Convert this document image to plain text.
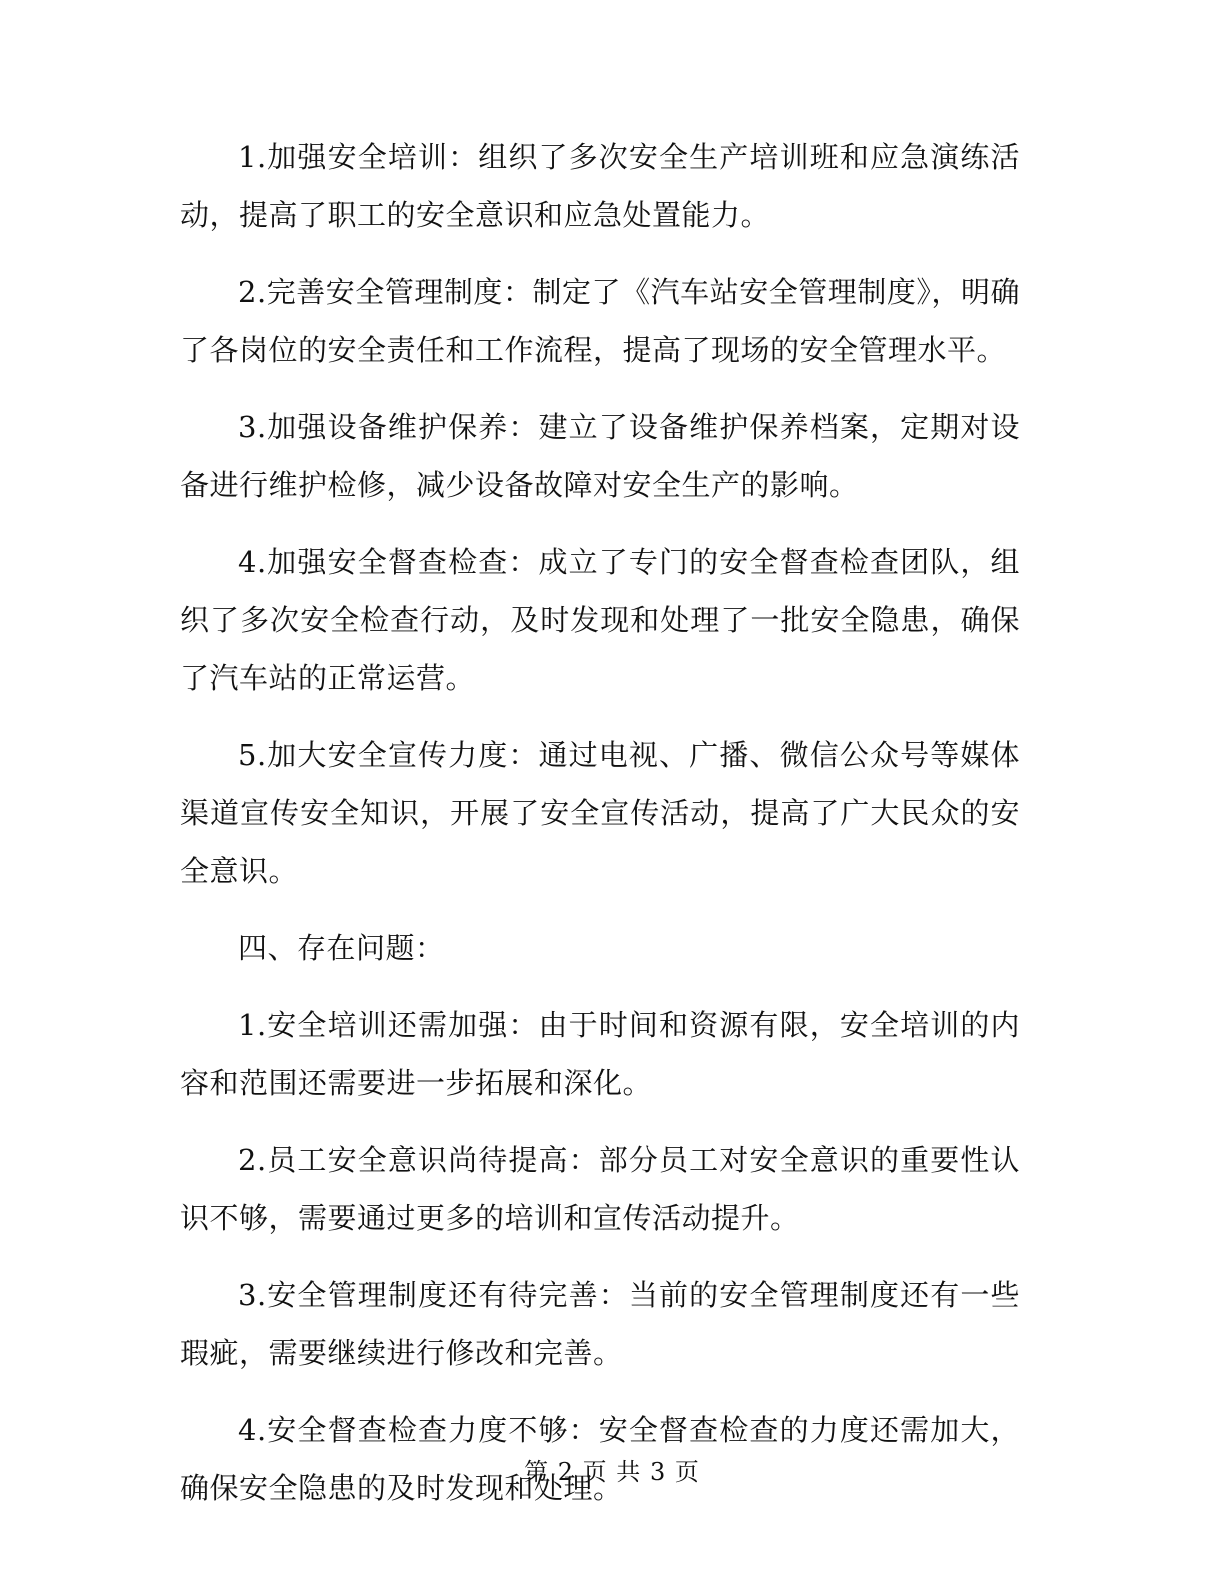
1.加强安全培训：组织了多次安全生产培训班和应急演练活动，提高了职工的安全意识和应急处置能力。

2.完善安全管理制度：制定了《汽车站安全管理制度》，明确了各岗位的安全责任和工作流程，提高了现场的安全管理水平。

3.加强设备维护保养：建立了设备维护保养档案，定期对设备进行维护检修，减少设备故障对安全生产的影响。

4.加强安全督查检查：成立了专门的安全督查检查团队，组织了多次安全检查行动，及时发现和处理了一批安全隐患，确保了汽车站的正常运营。

5.加大安全宣传力度：通过电视、广播、微信公众号等媒体渠道宣传安全知识，开展了安全宣传活动，提高了广大民众的安全意识。

四、存在问题：

1.安全培训还需加强：由于时间和资源有限，安全培训的内容和范围还需要进一步拓展和深化。

2.员工安全意识尚待提高：部分员工对安全意识的重要性认识不够，需要通过更多的培训和宣传活动提升。

3.安全管理制度还有待完善：当前的安全管理制度还有一些瑕疵，需要继续进行修改和完善。

4.安全督查检查力度不够：安全督查检查的力度还需加大，确保安全隐患的及时发现和处理。

第 2 页 共 3 页
